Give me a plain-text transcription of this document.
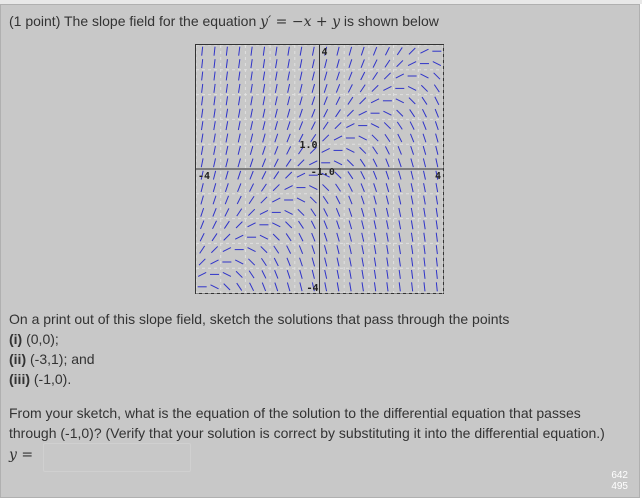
(1 point) The slope field for the equation y′ = −x + y is shown below
4
-4
-4	4
1.0
-1.0
On a print out of this slope field, sketch the solutions that pass through the points
(i) (0,0);
(ii) (-3,1); and
(iii) (-1,0).
From your sketch, what is the equation of the solution to the differential equation that passes
through (-1,0)? (Verify that your solution is correct by substituting it into the differential equation.)
y =
642
495
